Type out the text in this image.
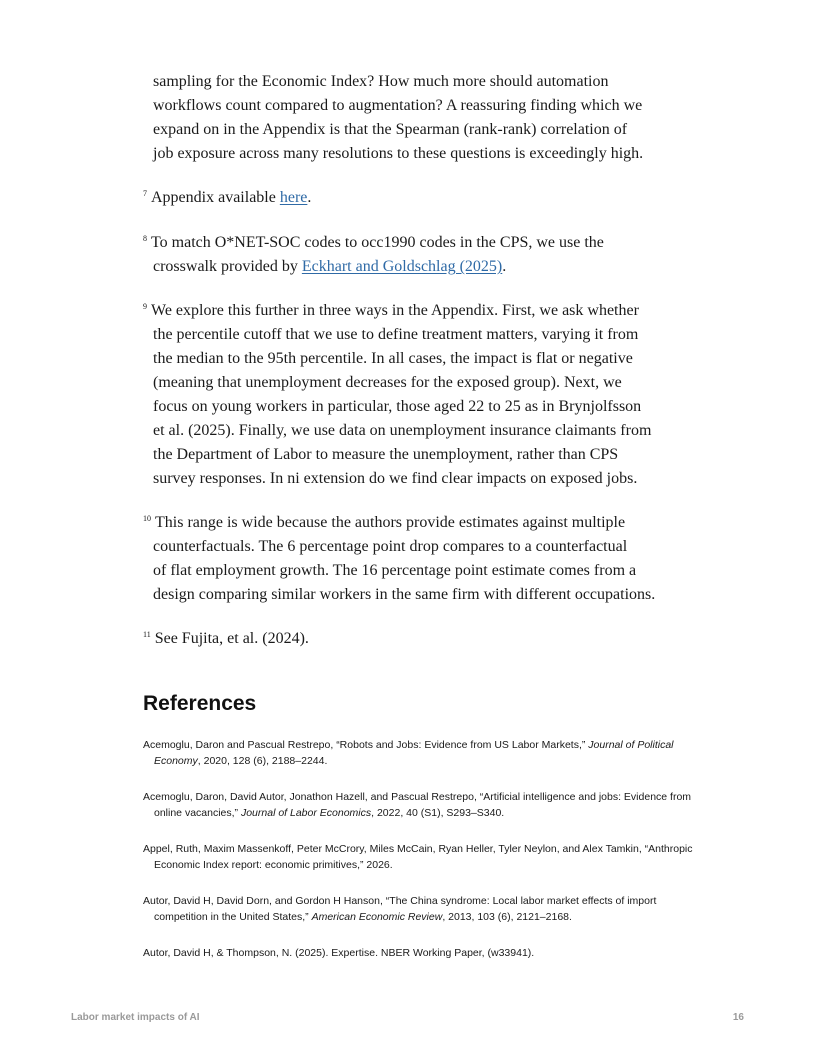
sampling for the Economic Index? How much more should automation
workflows count compared to augmentation? A reassuring finding which we
expand on in the Appendix is that the Spearman (rank-rank) correlation of
job exposure across many resolutions to these questions is exceedingly high.
$^7$ Appendix available here.
$^8$ To match O*NET-SOC codes to occ1990 codes in the CPS, we use the
crosswalk provided by Eckhart and Goldschlag (2025).
$^9$ We explore this further in three ways in the Appendix. First, we ask whether
the percentile cutoff that we use to define treatment matters, varying it from
the median to the 95th percentile. In all cases, the impact is flat or negative
(meaning that unemployment decreases for the exposed group). Next, we
focus on young workers in particular, those aged 22 to 25 as in Brynjolfsson
et al. (2025). Finally, we use data on unemployment insurance claimants from
the Department of Labor to measure the unemployment, rather than CPS
survey responses. In ni extension do we find clear impacts on exposed jobs.
$^{10}$ This range is wide because the authors provide estimates against multiple
counterfactuals. The 6 percentage point drop compares to a counterfactual
of flat employment growth. The 16 percentage point estimate comes from a
design comparing similar workers in the same firm with different occupations.
$^{11}$ See Fujita, et al. (2024).
References

Acemoglu, Daron and Pascual Restrepo, “Robots and Jobs: Evidence from US Labor Markets,” Journal of Political Economy, 2020, 128 (6), 2188–2244.

Acemoglu, Daron, David Autor, Jonathon Hazell, and Pascual Restrepo, “Artificial intelligence and jobs: Evidence from online vacancies,” Journal of Labor Economics, 2022, 40 (S1), S293–S340.

Appel, Ruth, Maxim Massenkoff, Peter McCrory, Miles McCain, Ryan Heller, Tyler Neylon, and Alex Tamkin, “Anthropic Economic Index report: economic primitives,” 2026.

Autor, David H, David Dorn, and Gordon H Hanson, “The China syndrome: Local labor market effects of import competition in the United States,” American Economic Review, 2013, 103 (6), 2121–2168.

Autor, David H, & Thompson, N. (2025). Expertise. NBER Working Paper, (w33941).

Labor market impacts of AI	16
